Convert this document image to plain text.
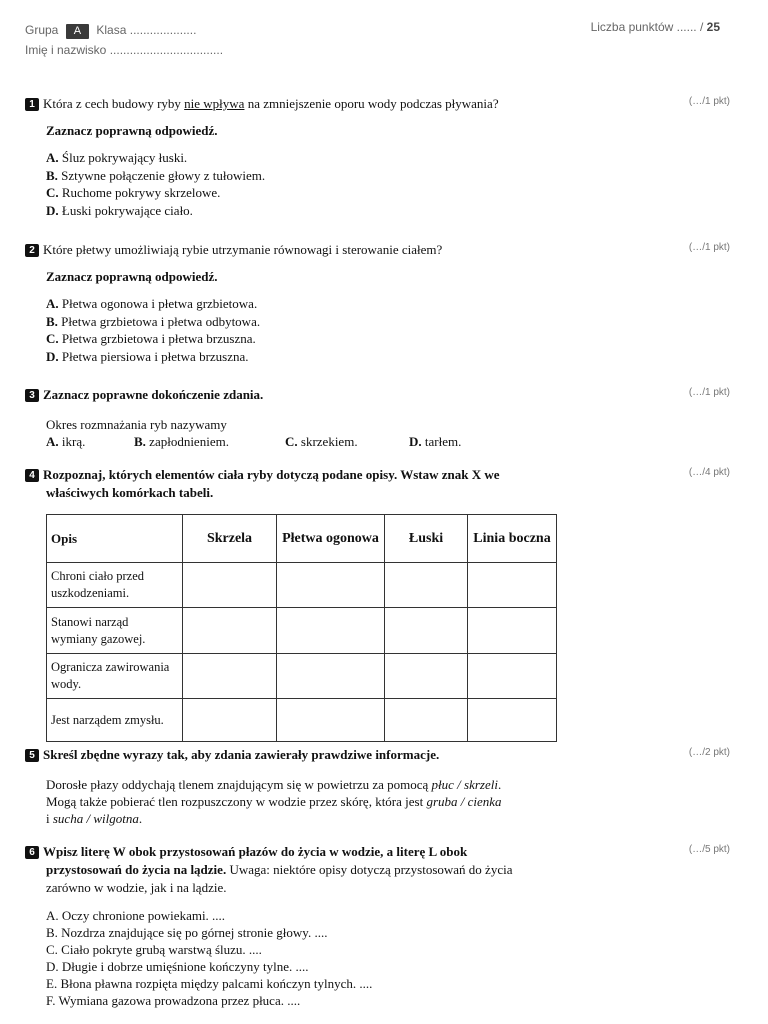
Grupa A Klasa ....................
Imię i nazwisko ..................................
Liczba punktów ...... / 25
1 Która z cech budowy ryby nie wpływa na zmniejszenie oporu wody podczas pływania?	(…/1 pkt)
Zaznacz poprawną odpowiedź.
A. Śluz pokrywający łuski.
B. Sztywne połączenie głowy z tułowiem.
C. Ruchome pokrywy skrzelowe.
D. Łuski pokrywające ciało.
2 Które płetwy umożliwiają rybie utrzymanie równowagi i sterowanie ciałem?	(…/1 pkt)
Zaznacz poprawną odpowiedź.
A. Płetwa ogonowa i płetwa grzbietowa.
B. Płetwa grzbietowa i płetwa odbytowa.
C. Płetwa grzbietowa i płetwa brzuszna.
D. Płetwa piersiowa i płetwa brzuszna.
3 Zaznacz poprawne dokończenie zdania.	(…/1 pkt)
Okres rozmnażania ryb nazywamy
A. ikrą.	B. zapłodnieniem.	C. skrzekiem.	D. tarłem.
4 Rozpoznaj, których elementów ciała ryby dotyczą podane opisy. Wstaw znak X we
właściwych komórkach tabeli.
(…/4 pkt)
Opis	Skrzela	Płetwa ogonowa	Łuski	Linia boczna
Chroni ciało przed uszkodzeniami.				
Stanowi narząd wymiany gazowej.				
Ogranicza zawirowania wody.				
Jest narządem zmysłu.				
5 Skreśl zbędne wyrazy tak, aby zdania zawierały prawdziwe informacje.	(…/2 pkt)
Dorosłe płazy oddychają tlenem znajdującym się w powietrzu za pomocą płuc / skrzeli.
Mogą także pobierać tlen rozpuszczony w wodzie przez skórę, która jest gruba / cienka
i sucha / wilgotna.
6 Wpisz literę W obok przystosowań płazów do życia w wodzie, a literę L obok
przystosowań do życia na lądzie. Uwaga: niektóre opisy dotyczą przystosowań do życia
zarówno w wodzie, jak i na lądzie.
(…/5 pkt)
A. Oczy chronione powiekami. ....
B. Nozdrza znajdujące się po górnej stronie głowy. ....
C. Ciało pokryte grubą warstwą śluzu. ....
D. Długie i dobrze umięśnione kończyny tylne. ....
E. Błona pławna rozpięta między palcami kończyn tylnych. ....
F. Wymiana gazowa prowadzona przez płuca. ....
